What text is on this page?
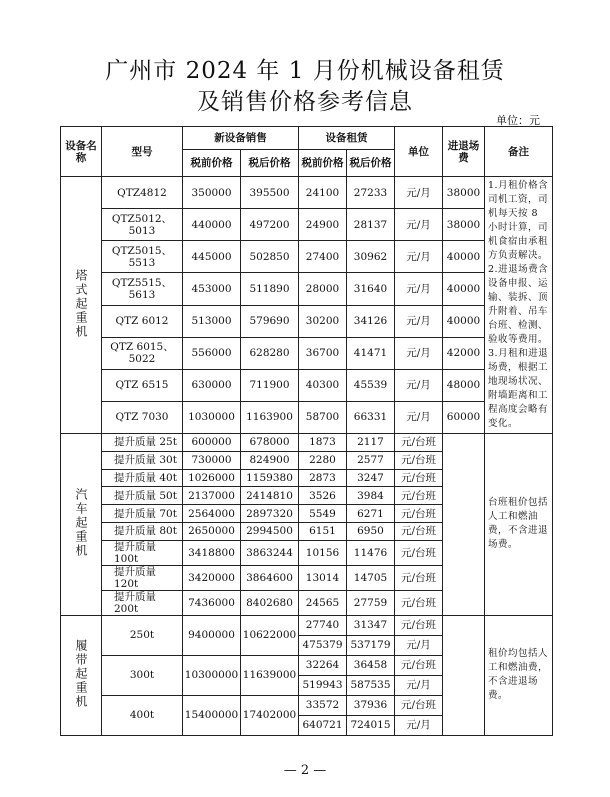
广州市 2024 年 1 月份机械设备租赁
及销售价格参考信息
单位：元
设备名称	型号	新设备销售		设备租赁		单位	进退场费	备注
		税前价格	税后价格	税前价格	税后价格			
塔式起重机	QTZ4812	350000	395500	24100	27233	元/月	38000	1.月租价格含司机工资，司机每天按 8 小时计算，司机食宿由承租方负责解决。2.进退场费含设备申报、运输、装拆、顶升附着、吊车台班、检测、验收等费用。3.月租和进退场费，根据工地现场状况、附墙距离和工程高度会略有变化。
	QTZ5012、5013	440000	497200	24900	28137	元/月	38000	
	QTZ5015、5513	445000	502850	27400	30962	元/月	40000	
	QTZ5515、5613	453000	511890	28000	31640	元/月	40000	
	QTZ 6012	513000	579690	30200	34126	元/月	40000	
	QTZ 6015、5022	556000	628280	36700	41471	元/月	42000	
	QTZ 6515	630000	711900	40300	45539	元/月	48000	
	QTZ 7030	1030000	1163900	58700	66331	元/月	60000	
汽车起重机	提升质量 25t	600000	678000	1873	2117	元/台班		台班租价包括人工和燃油费，不含进退场费。
	提升质量 30t	730000	824900	2280	2577	元/台班		
	提升质量 40t	1026000	1159380	2873	3247	元/台班		
	提升质量 50t	2137000	2414810	3526	3984	元/台班		
	提升质量 70t	2564000	2897320	5549	6271	元/台班		
	提升质量 80t	2650000	2994500	6151	6950	元/台班		
	提升质量 100t	3418800	3863244	10156	11476	元/台班		
	提升质量 120t	3420000	3864600	13014	14705	元/台班		
	提升质量 200t	7436000	8402680	24565	27759	元/台班		
履带起重机	250t	9400000	10622000	27740	31347	元/台班		租价均包括人工和燃油费，不含进退场费。
				475379	537179	元/月		
	300t	10300000	11639000	32264	36458	元/台班		
				519943	587535	元/月		
	400t	15400000	17402000	33572	37936	元/台班		
				640721	724015	元/月		
— 2 —
